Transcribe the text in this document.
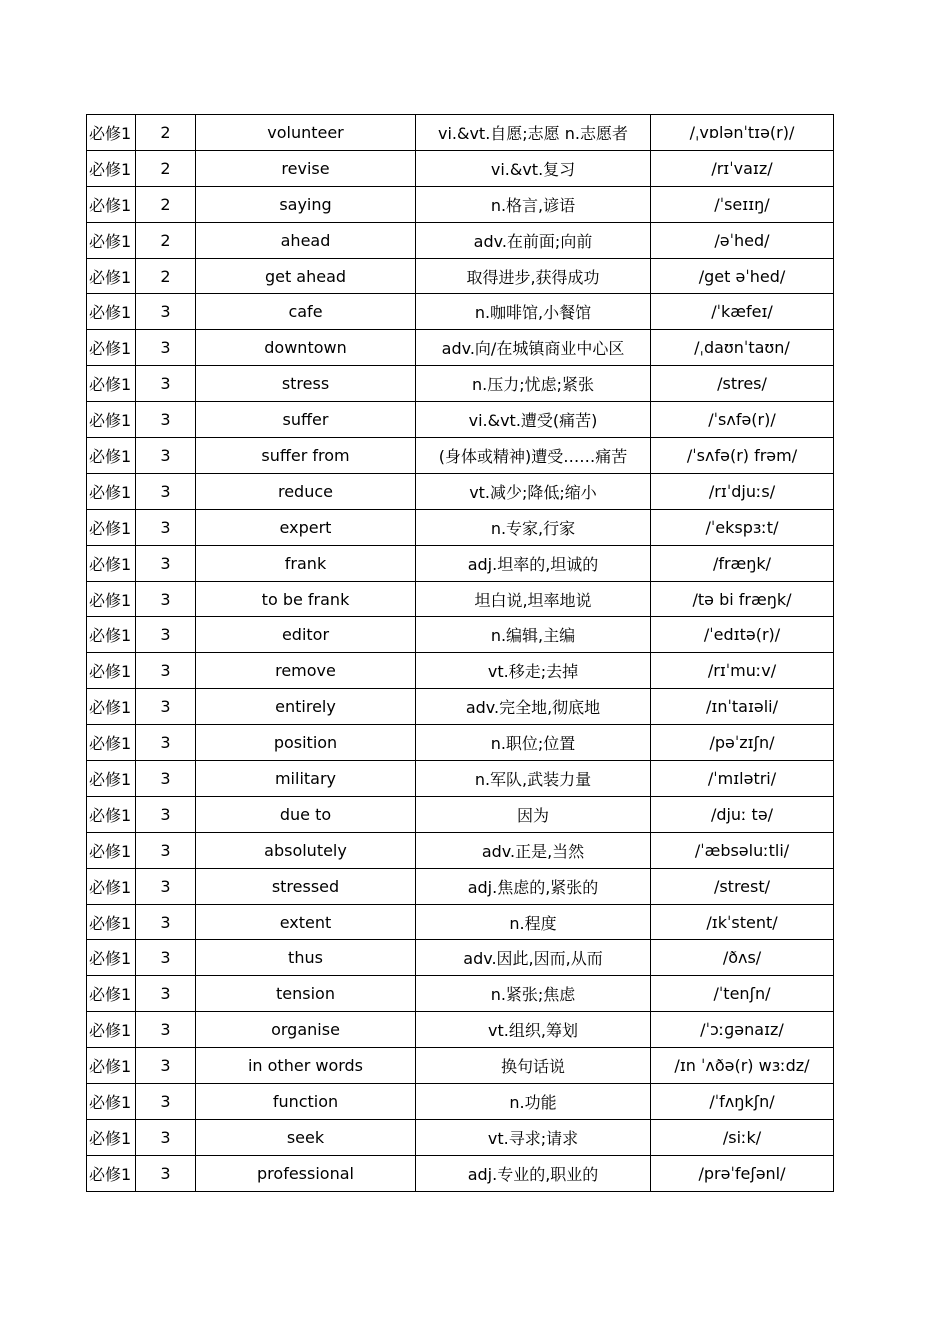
必修1	2	volunteer	vi.&vt.自愿;志愿 n.志愿者	/ˌvɒlənˈtɪə(r)/
必修1	2	revise	vi.&vt.复习	/rɪˈvaɪz/
必修1	2	saying	n.格言,谚语	/ˈseɪɪŋ/
必修1	2	ahead	adv.在前面;向前	/əˈhed/
必修1	2	get ahead	取得进步,获得成功	/get əˈhed/
必修1	3	cafe	n.咖啡馆,小餐馆	/ˈkæfeɪ/
必修1	3	downtown	adv.向/在城镇商业中心区	/ˌdaʊnˈtaʊn/
必修1	3	stress	n.压力;忧虑;紧张	/stres/
必修1	3	suffer	vi.&vt.遭受(痛苦)	/ˈsʌfə(r)/
必修1	3	suffer from	(身体或精神)遭受……痛苦	/ˈsʌfə(r) frəm/
必修1	3	reduce	vt.减少;降低;缩小	/rɪˈdjuːs/
必修1	3	expert	n.专家,行家	/ˈekspɜːt/
必修1	3	frank	adj.坦率的,坦诚的	/fræŋk/
必修1	3	to be frank	坦白说,坦率地说	/tə bi fræŋk/
必修1	3	editor	n.编辑,主编	/ˈedɪtə(r)/
必修1	3	remove	vt.移走;去掉	/rɪˈmuːv/
必修1	3	entirely	adv.完全地,彻底地	/ɪnˈtaɪəli/
必修1	3	position	n.职位;位置	/pəˈzɪʃn/
必修1	3	military	n.军队,武装力量	/ˈmɪlətri/
必修1	3	due to	因为	/djuː tə/
必修1	3	absolutely	adv.正是,当然	/ˈæbsəluːtli/
必修1	3	stressed	adj.焦虑的,紧张的	/strest/
必修1	3	extent	n.程度	/ɪkˈstent/
必修1	3	thus	adv.因此,因而,从而	/ðʌs/
必修1	3	tension	n.紧张;焦虑	/ˈtenʃn/
必修1	3	organise	vt.组织,筹划	/ˈɔːɡənaɪz/
必修1	3	in other words	换句话说	/ɪn ˈʌðə(r) wɜːdz/
必修1	3	function	n.功能	/ˈfʌŋkʃn/
必修1	3	seek	vt.寻求;请求	/siːk/
必修1	3	professional	adj.专业的,职业的	/prəˈfeʃənl/
